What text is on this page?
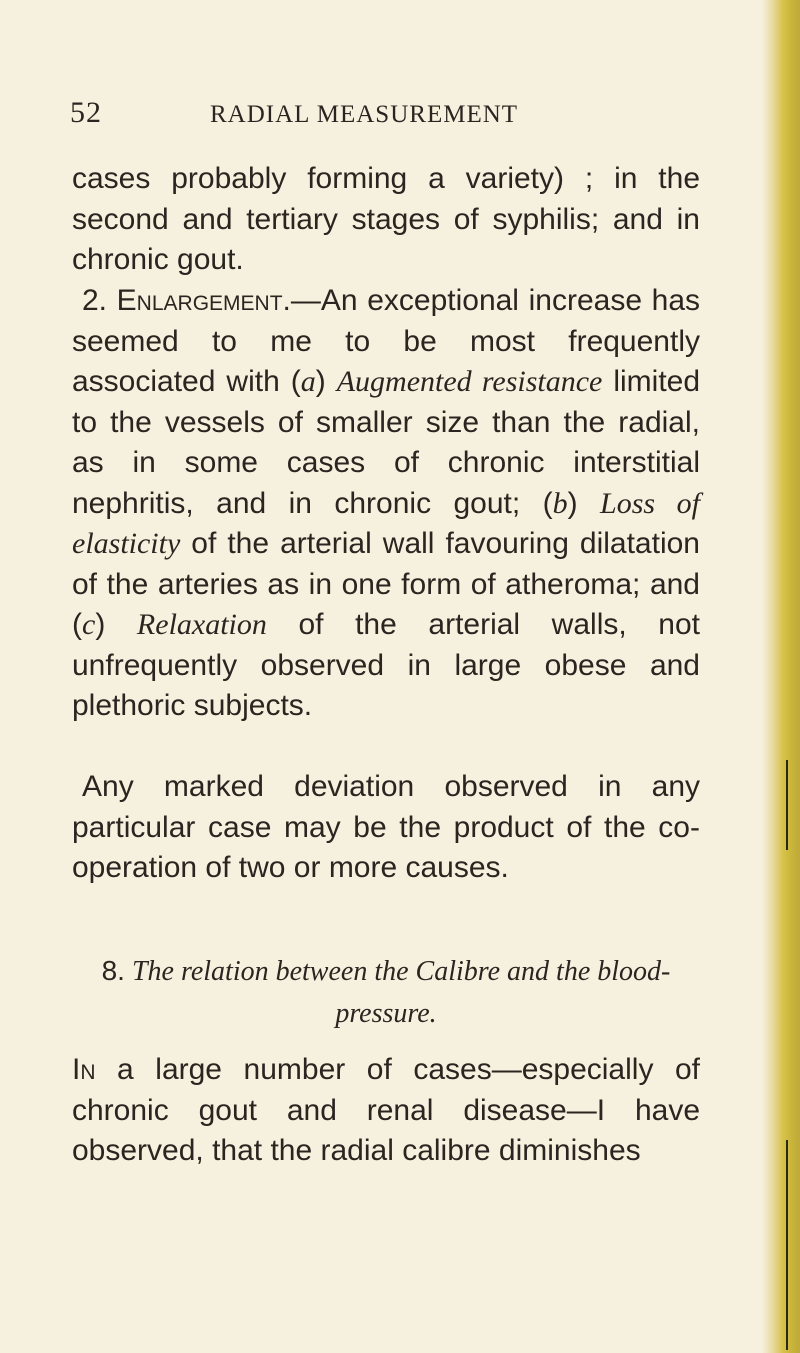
52	RADIAL MEASUREMENT
cases probably forming a variety) ; in the second and tertiary stages of syphilis; and in chronic gout.
2. Enlargement.—An exceptional increase has seemed to me to be most frequently associated with (a) Augmented resistance limited to the vessels of smaller size than the radial, as in some cases of chronic interstitial nephritis, and in chronic gout; (b) Loss of elasticity of the arterial wall favouring dilatation of the arteries as in one form of atheroma; and (c) Relaxation of the arterial walls, not unfrequently observed in large obese and plethoric subjects.
Any marked deviation observed in any particular case may be the product of the co-operation of two or more causes.
8. The relation between the Calibre and the blood-pressure.
In a large number of cases—especially of chronic gout and renal disease—I have observed, that the radial calibre diminishes
